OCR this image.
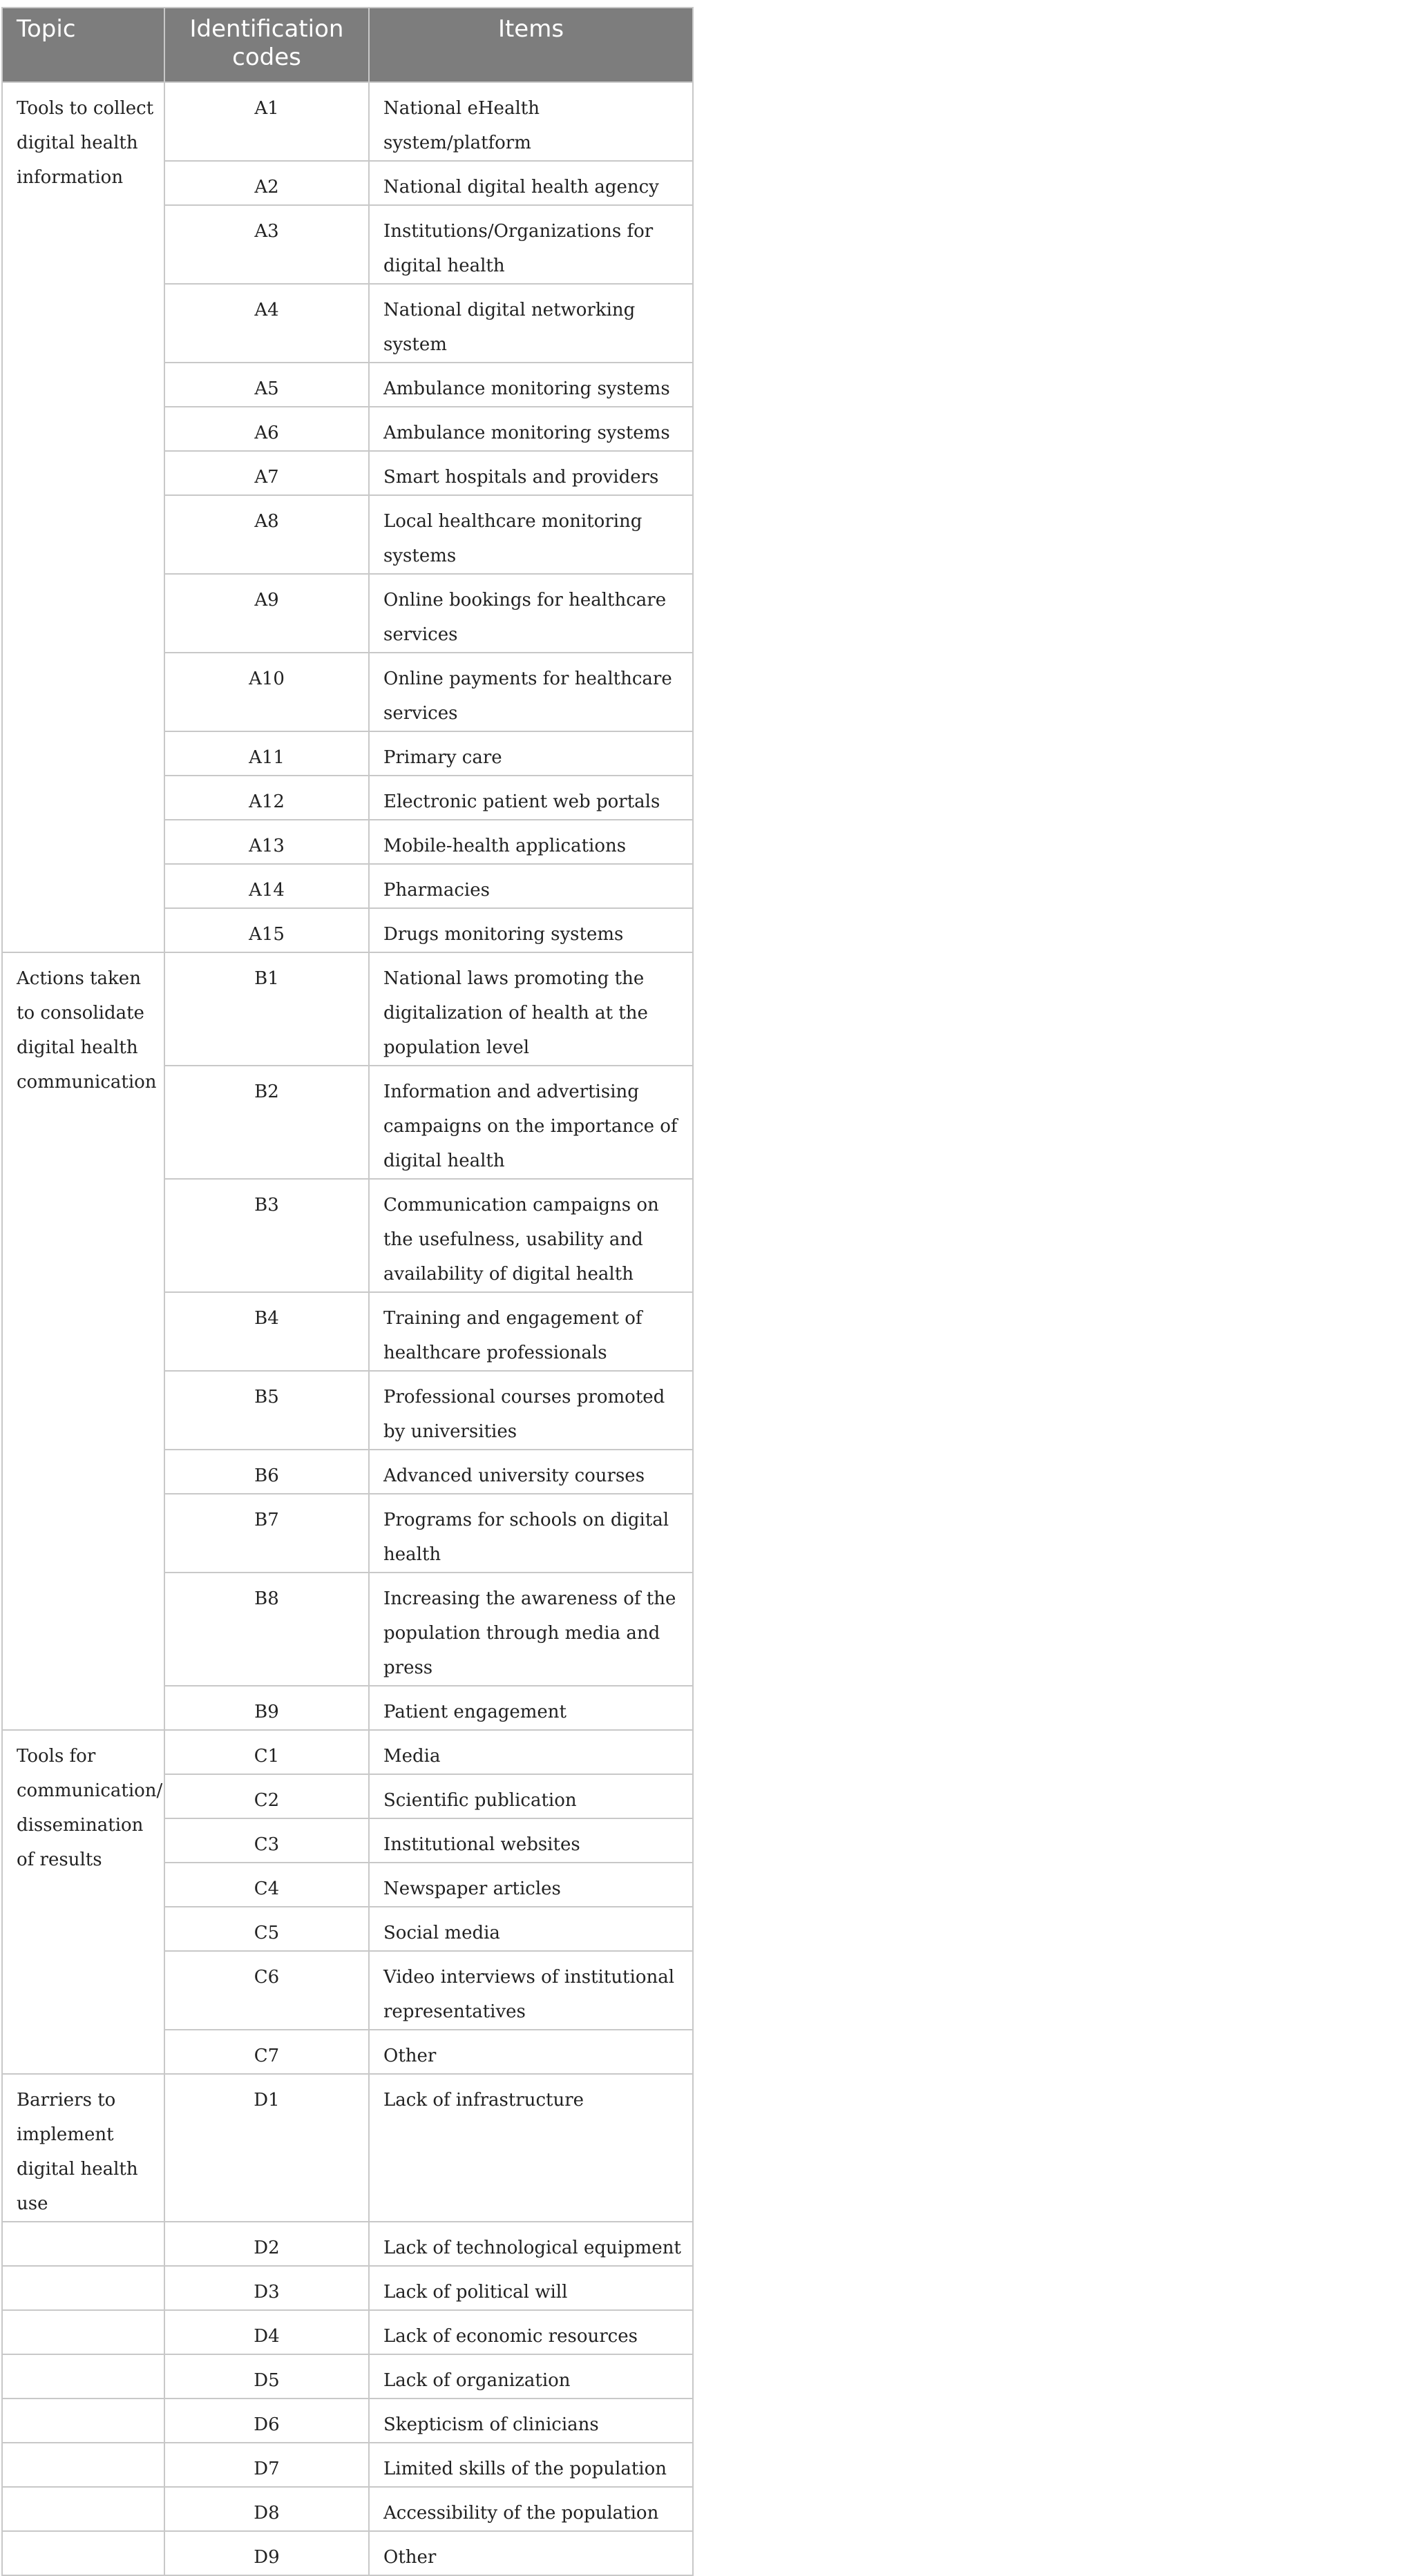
Topic	Identification codes	Items
Tools to collect digital health information	A1	National eHealth system/platform
	A2	National digital health agency
	A3	Institutions/Organizations for digital health
	A4	National digital networking system
	A5	Ambulance monitoring systems
	A6	Ambulance monitoring systems
	A7	Smart hospitals and providers
	A8	Local healthcare monitoring systems
	A9	Online bookings for healthcare services
	A10	Online payments for healthcare services
	A11	Primary care
	A12	Electronic patient web portals
	A13	Mobile-health applications
	A14	Pharmacies
	A15	Drugs monitoring systems
Actions taken to consolidate digital health communication	B1	National laws promoting the digitalization of health at the population level
	B2	Information and advertising campaigns on the importance of digital health
	B3	Communication campaigns on the usefulness, usability and availability of digital health
	B4	Training and engagement of healthcare professionals
	B5	Professional courses promoted by universities
	B6	Advanced university courses
	B7	Programs for schools on digital health
	B8	Increasing the awareness of the population through media and press
	B9	Patient engagement
Tools for communication/ dissemination of results	C1	Media
	C2	Scientific publication
	C3	Institutional websites
	C4	Newspaper articles
	C5	Social media
	C6	Video interviews of institutional representatives
	C7	Other
Barriers to implement digital health use	D1	Lack of infrastructure
	D2	Lack of technological equipment
	D3	Lack of political will
	D4	Lack of economic resources
	D5	Lack of organization
	D6	Skepticism of clinicians
	D7	Limited skills of the population
	D8	Accessibility of the population
	D9	Other
